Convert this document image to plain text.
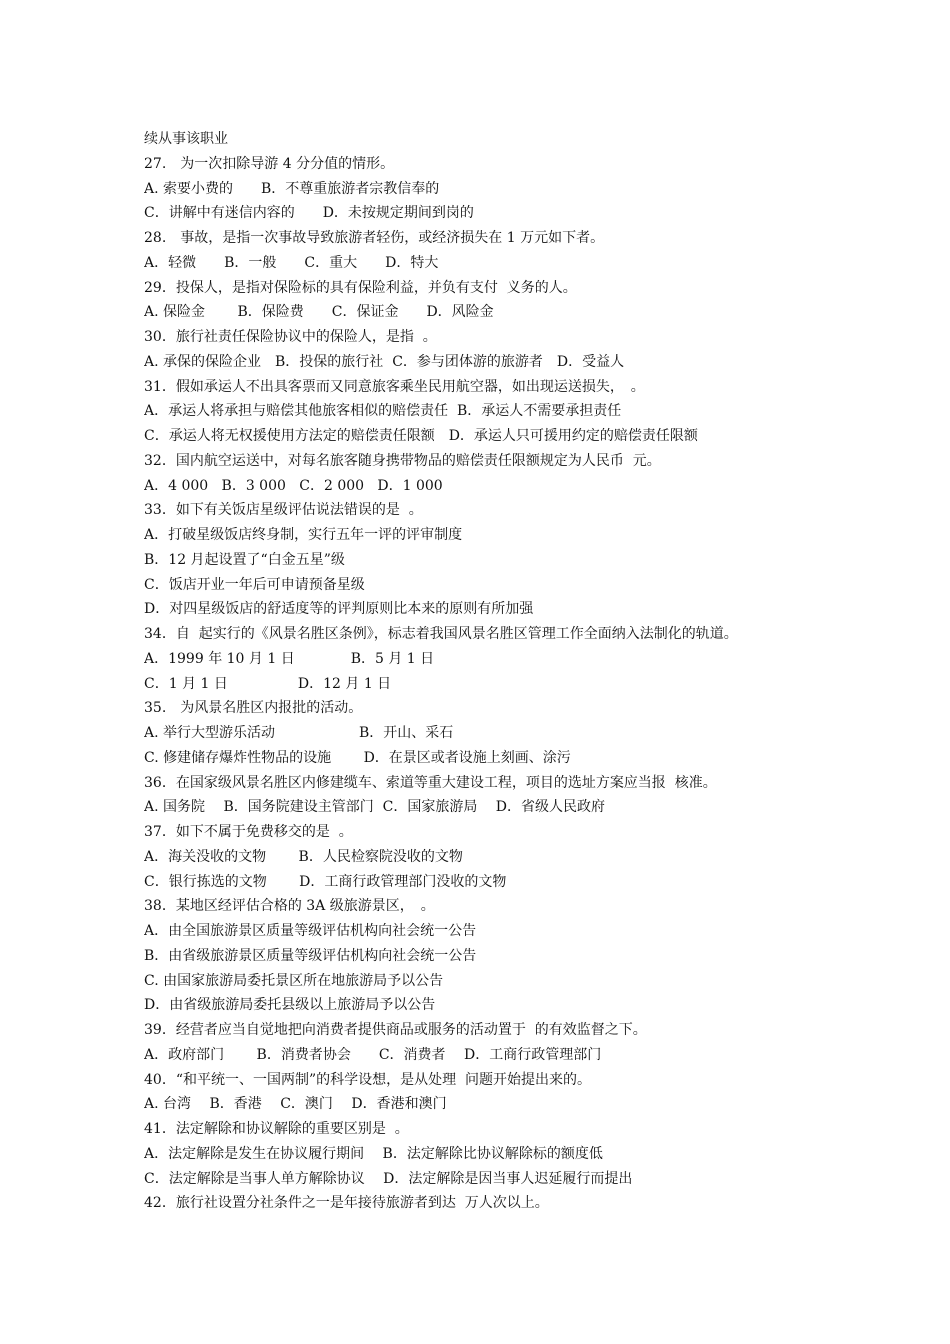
续从事该职业
27.　为一次扣除导游 4 分分值的情形。
A. 索要小费的　　B．不尊重旅游者宗教信奉的
C．讲解中有迷信内容的　　D．未按规定期间到岗的
28.　事故，是指一次事故导致旅游者轻伤，或经济损失在 1 万元如下者。
A．轻微　　B．一般　　C．重大　　D．特大
29．投保人，是指对保险标的具有保险利益，并负有支付  义务的人。
A. 保险金　　 B．保险费　　C．保证金　　D．风险金
30．旅行社责任保险协议中的保险人，是指  。
A. 承保的保险企业　B．投保的旅行社  C．参与团体游的旅游者　D．受益人
31．假如承运人不出具客票而又同意旅客乘坐民用航空器，如出现运送损失，　。
A．承运人将承担与赔偿其他旅客相似的赔偿责任  B．承运人不需要承担责任
C．承运人将无权援使用方法定的赔偿责任限额　D．承运人只可援用约定的赔偿责任限额
32．国内航空运送中，对每名旅客随身携带物品的赔偿责任限额规定为人民币  元。
A．4 000   B．3 000   C．2 000   D．1 000
33．如下有关饭店星级评估说法错误的是  。
A．打破星级饭店终身制，实行五年一评的评审制度
B．12 月起设置了“白金五星”级
C．饭店开业一年后可申请预备星级
D．对四星级饭店的舒适度等的评判原则比本来的原则有所加强
34．自  起实行的《风景名胜区条例》，标志着我国风景名胜区管理工作全面纳入法制化的轨道。
A．1999 年 10 月 1 日　　　　B．5 月 1 日
C．1 月 1 日　　　　　D．12 月 1 日
35.　为风景名胜区内报批的活动。
A. 举行大型游乐活动　　　　　　B．开山、采石
C. 修建储存爆炸性物品的设施　　 D．在景区或者设施上刻画、涂污
36．在国家级风景名胜区内修建缆车、索道等重大建设工程，项目的选址方案应当报  核准。
A. 国务院　 B．国务院建设主管部门  C．国家旅游局　 D．省级人民政府
37．如下不属于免费移交的是  。
A．海关没收的文物　　 B．人民检察院没收的文物
C．银行拣选的文物　　 D．工商行政管理部门没收的文物
38．某地区经评估合格的 3A 级旅游景区，　。
A．由全国旅游景区质量等级评估机构向社会统一公告
B．由省级旅游景区质量等级评估机构向社会统一公告
C. 由国家旅游局委托景区所在地旅游局予以公告
D．由省级旅游局委托县级以上旅游局予以公告
39．经营者应当自觉地把向消费者提供商品或服务的活动置于  的有效监督之下。
A．政府部门　　 B．消费者协会　　C．消费者　 D．工商行政管理部门
40．“和平统一、一国两制”的科学设想，是从处理  问题开始提出来的。
A. 台湾　 B．香港　 C．澳门　 D．香港和澳门
41．法定解除和协议解除的重要区别是  。
A．法定解除是发生在协议履行期间　 B．法定解除比协议解除标的额度低
C．法定解除是当事人单方解除协议　 D．法定解除是因当事人迟延履行而提出
42．旅行社设置分社条件之一是年接待旅游者到达  万人次以上。
